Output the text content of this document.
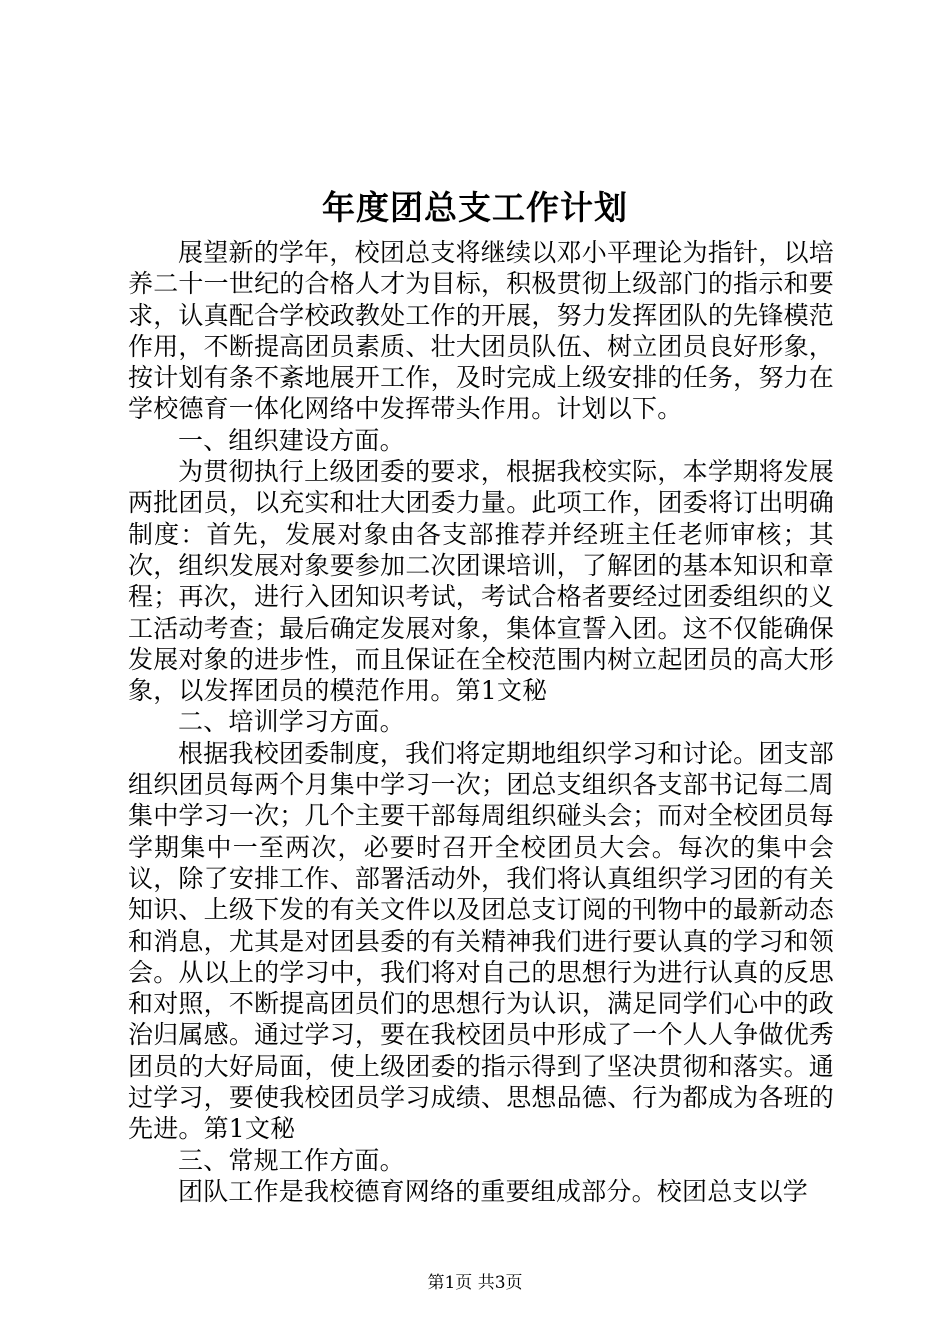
年度团总支工作计划

展望新的学年，校团总支将继续以邓小平理论为指针，以培养二十一世纪的合格人才为目标，积极贯彻上级部门的指示和要求，认真配合学校政教处工作的开展，努力发挥团队的先锋模范作用，不断提高团员素质、壮大团员队伍、树立团员良好形象，按计划有条不紊地展开工作，及时完成上级安排的任务，努力在学校德育一体化网络中发挥带头作用。计划以下。

一、组织建设方面。

为贯彻执行上级团委的要求，根据我校实际，本学期将发展两批团员，以充实和壮大团委力量。此项工作，团委将订出明确制度：首先，发展对象由各支部推荐并经班主任老师审核；其次，组织发展对象要参加二次团课培训，了解团的基本知识和章程；再次，进行入团知识考试，考试合格者要经过团委组织的义工活动考查；最后确定发展对象，集体宣誓入团。这不仅能确保发展对象的进步性，而且保证在全校范围内树立起团员的高大形象，以发挥团员的模范作用。第1文秘

二、培训学习方面。

根据我校团委制度，我们将定期地组织学习和讨论。团支部组织团员每两个月集中学习一次；团总支组织各支部书记每二周集中学习一次；几个主要干部每周组织碰头会；而对全校团员每学期集中一至两次，必要时召开全校团员大会。每次的集中会议，除了安排工作、部署活动外，我们将认真组织学习团的有关知识、上级下发的有关文件以及团总支订阅的刊物中的最新动态和消息，尤其是对团县委的有关精神我们进行要认真的学习和领会。从以上的学习中，我们将对自己的思想行为进行认真的反思和对照，不断提高团员们的思想行为认识，满足同学们心中的政治归属感。通过学习，要在我校团员中形成了一个人人争做优秀团员的大好局面，使上级团委的指示得到了坚决贯彻和落实。通过学习，要使我校团员学习成绩、思想品德、行为都成为各班的先进。第1文秘

三、常规工作方面。

团队工作是我校德育网络的重要组成部分。校团总支以学

第1页 共3页
